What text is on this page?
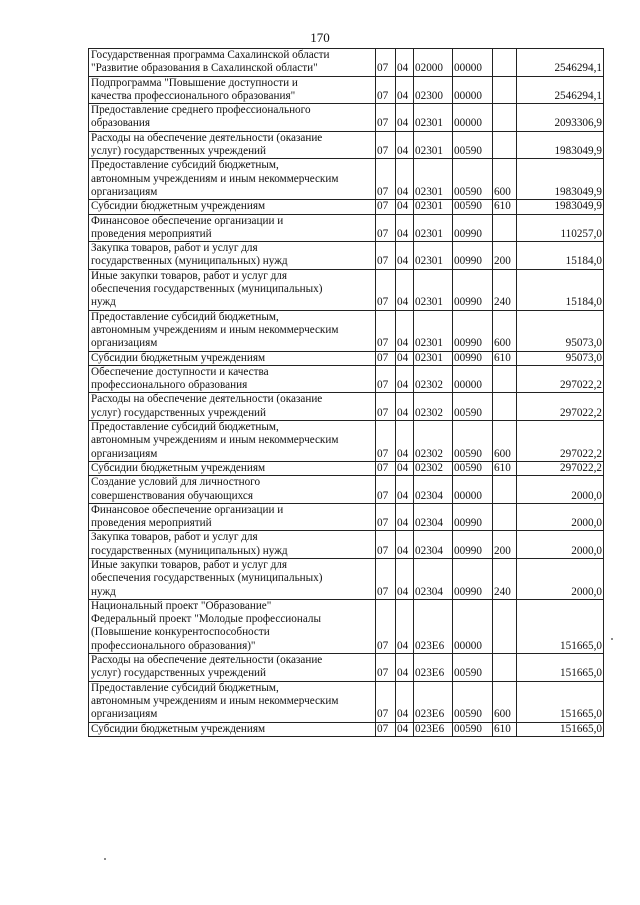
170
Государственная программа Сахалинской области
"Развитие образования в Сахалинской области"	07	04	02000	00000		2546294,1

Подпрограмма "Повышение доступности и
качества профессионального образования"	07	04	02300	00000		2546294,1

Предоставление среднего профессионального
образования	07	04	02301	00000		2093306,9

Расходы на обеспечение деятельности (оказание
услуг) государственных учреждений	07	04	02301	00590		1983049,9

Предоставление субсидий бюджетным,
автономным учреждениям и иным некоммерческим
организациям	07	04	02301	00590	600	1983049,9

Субсидии бюджетным учреждениям	07	04	02301	00590	610	1983049,9

Финансовое обеспечение организации и
проведения мероприятий	07	04	02301	00990		110257,0

Закупка товаров, работ и услуг для
государственных (муниципальных) нужд	07	04	02301	00990	200	15184,0

Иные закупки товаров, работ и услуг для
обеспечения государственных (муниципальных)
нужд	07	04	02301	00990	240	15184,0

Предоставление субсидий бюджетным,
автономным учреждениям и иным некоммерческим
организациям	07	04	02301	00990	600	95073,0

Субсидии бюджетным учреждениям	07	04	02301	00990	610	95073,0

Обеспечение доступности и качества
профессионального образования	07	04	02302	00000		297022,2

Расходы на обеспечение деятельности (оказание
услуг) государственных учреждений	07	04	02302	00590		297022,2

Предоставление субсидий бюджетным,
автономным учреждениям и иным некоммерческим
организациям	07	04	02302	00590	600	297022,2

Субсидии бюджетным учреждениям	07	04	02302	00590	610	297022,2

Создание условий для личностного
совершенствования обучающихся	07	04	02304	00000		2000,0

Финансовое обеспечение организации и
проведения мероприятий	07	04	02304	00990		2000,0

Закупка товаров, работ и услуг для
государственных (муниципальных) нужд	07	04	02304	00990	200	2000,0

Иные закупки товаров, работ и услуг для
обеспечения государственных (муниципальных)
нужд	07	04	02304	00990	240	2000,0

Национальный проект "Образование"
Федеральный проект "Молодые профессионалы
(Повышение конкурентоспособности
профессионального образования)"	07	04	023E6	00000		151665,0

Расходы на обеспечение деятельности (оказание
услуг) государственных учреждений	07	04	023E6	00590		151665,0

Предоставление субсидий бюджетным,
автономным учреждениям и иным некоммерческим
организациям	07	04	023E6	00590	600	151665,0

Субсидии бюджетным учреждениям	07	04	023E6	00590	610	151665,0
